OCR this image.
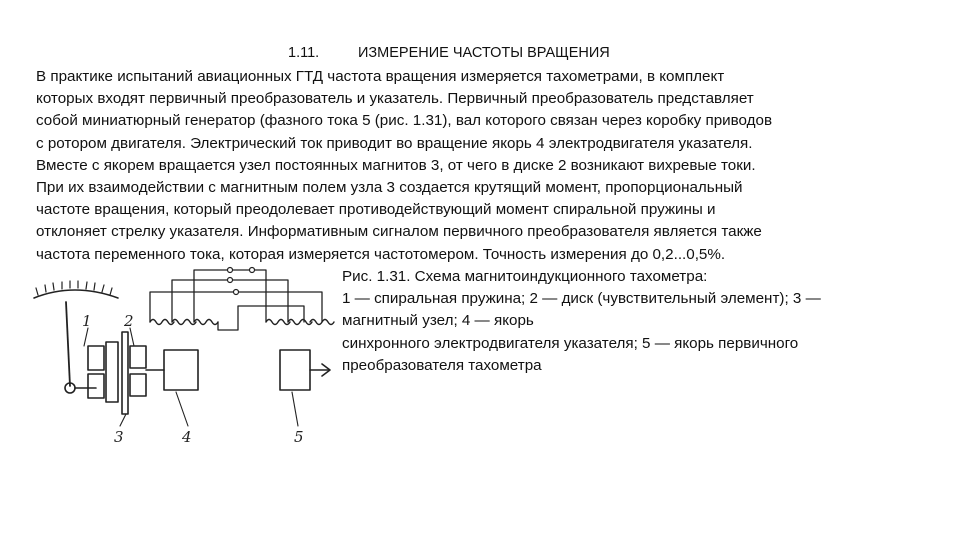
1.11.	ИЗМЕРЕНИЕ ЧАСТОТЫ ВРАЩЕНИЯ
В практике испытаний авиационных ГТД частота вращения измеряется тахометрами, в комплект
которых входят первичный преобразователь и указатель. Первичный преобразователь представляет
собой миниатюрный генератор (фазного тока 5 (рис. 1.31), вал которого связан через коробку приводов
с ротором двигателя. Электрический ток приводит во вращение якорь 4 электродвигателя указателя.
Вместе с якорем вращается узел постоянных магнитов 3, от чего в диске 2 возникают вихревые токи.
При их взаимодействии с магнитным полем узла 3 создается крутящий момент, пропорциональный
частоте вращения, который преодолевает противодействующий момент спиральной пружины и
отклоняет стрелку указателя. Информативным сигналом первичного преобразователя является также
частота переменного тока, которая измеряется частотомером. Точность измерения до 0,2...0,5%.
1 2
3	4	5
Рис. 1.31. Схема магнитоиндукционного тахометра:
1 — спиральная пружина; 2 — диск (чувствительный элемент); 3 —
магнитный узел; 4 — якорь
синхронного электродвигателя указателя; 5 — якорь первичного
преобразователя тахометра
